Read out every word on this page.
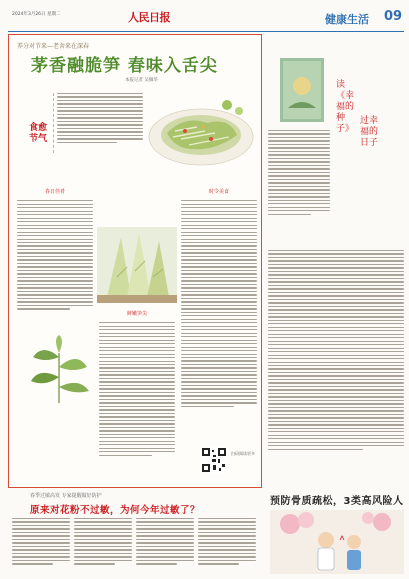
2024年3月26日 星期二	人民日报	健康生活 09
养分对节来—老舍来在深春
茅香融脆笋 春味入舌尖
本报记者 吴佩华
食愈节气
春日佳肴
鲜嫩笋尖
时令美食
扫码阅读更多
读《幸福的种子》
过幸福的日子
预防骨质疏松，3类高风险人
春季过敏高发 专家提醒做好防护
原来对花粉不过敏，为何今年过敏了？
